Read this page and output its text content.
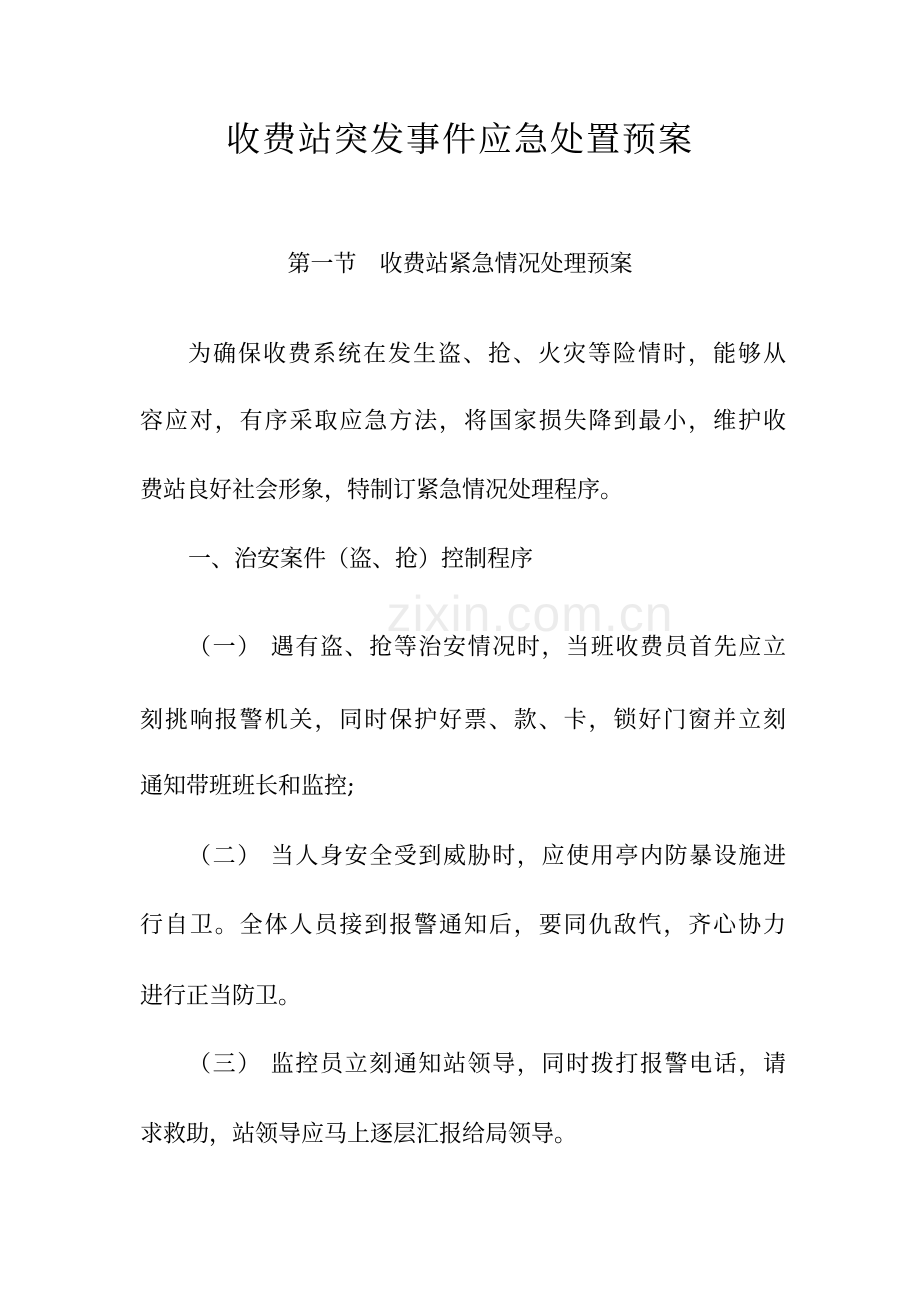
zixin.com.cn
收费站突发事件应急处置预案
第一节　收费站紧急情况处理预案
为确保收费系统在发生盗、抢、火灾等险情时，能够从
容应对，有序采取应急方法，将国家损失降到最小，维护收
费站良好社会形象，特制订紧急情况处理程序。
一、治安案件（盗、抢）控制程序
（一） 遇有盗、抢等治安情况时，当班收费员首先应立
刻挑响报警机关，同时保护好票、款、卡，锁好门窗并立刻
通知带班班长和监控;
（二） 当人身安全受到威胁时，应使用亭内防暴设施进
行自卫。全体人员接到报警通知后，要同仇敌忾，齐心协力
进行正当防卫。
（三） 监控员立刻通知站领导，同时拨打报警电话，请
求救助，站领导应马上逐层汇报给局领导。
